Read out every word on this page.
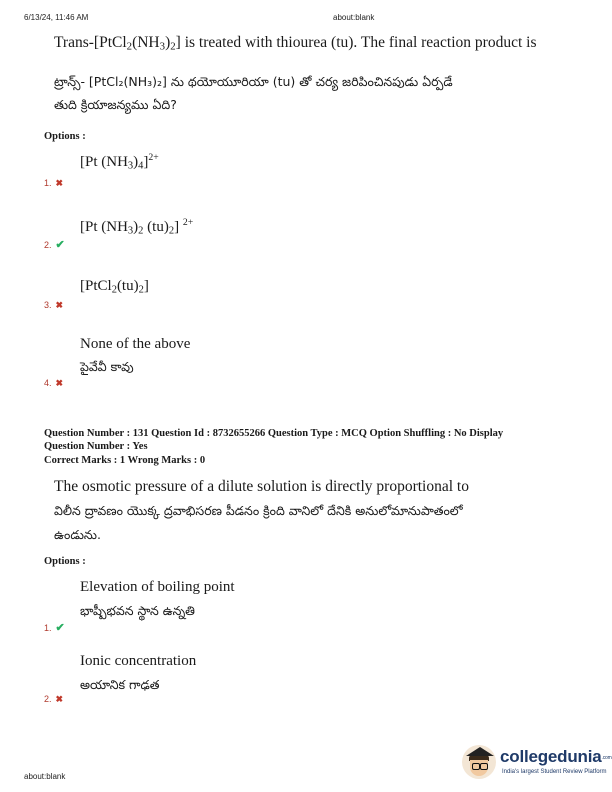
6/13/24, 11:46 AM	about:blank
Trans-$[PtCl_2(NH_3)_2]$ is treated with thiourea (tu). The final reaction product is
ట్రాన్స్- [PtCl₂(NH₃)₂] ను థయోయూరియా (tu) తో చర్య జరిపించినపుడు ఏర్పడే
తుది క్రియాజన్యము ఏది?
Options :
[Pt $(NH_3)_4]^{2+}$
1. ✖
[Pt $(NH_3)_2$ $(tu)_2$] $^{2+}$
2. ✔
$[PtCl_2(tu)_2]$
3. ✖
None of the above
పైవేవీ కావు
4. ✖
Question Number : 131 Question Id : 8732655266 Question Type : MCQ Option Shuffling : No Display
Question Number : Yes
Correct Marks : 1 Wrong Marks : 0
The osmotic pressure of a dilute solution is directly proportional to
విలీన ద్రావణం యొక్క ద్రవాభిసరణ పీడనం క్రింది వానిలో దేనికి అనులోమానుపాతంలో
ఉండును.
Options :
Elevation of boiling point
భాష్పీభవన స్థాన ఉన్నతి
1. ✔
Ionic concentration
అయానిక గాఢత
2. ✖
about:blank
collegedunia$^{.com}$
India's largest Student Review Platform
